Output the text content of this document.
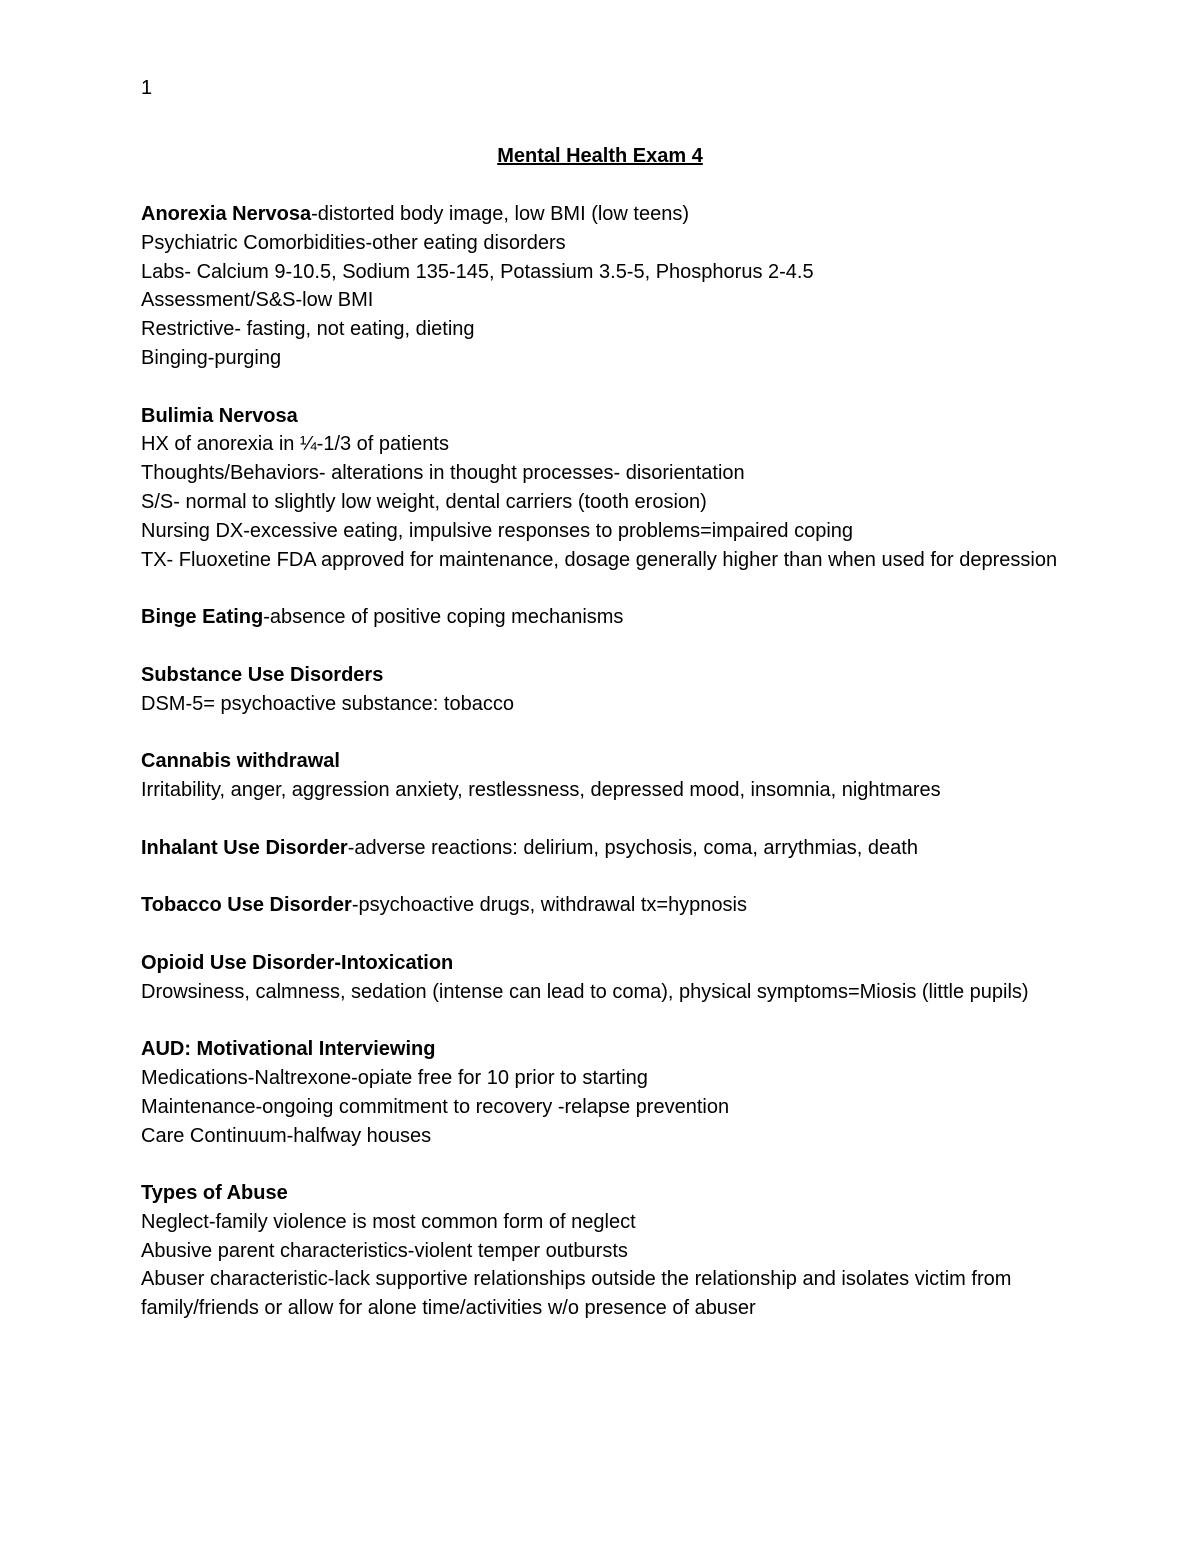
1
Mental Health Exam 4
Anorexia Nervosa-distorted body image, low BMI (low teens)
Psychiatric Comorbidities-other eating disorders
Labs- Calcium 9-10.5, Sodium 135-145, Potassium 3.5-5, Phosphorus 2-4.5
Assessment/S&S-low BMI
Restrictive- fasting, not eating, dieting
Binging-purging
Bulimia Nervosa
HX of anorexia in ¼-1/3 of patients
Thoughts/Behaviors- alterations in thought processes- disorientation
S/S- normal to slightly low weight, dental carriers (tooth erosion)
Nursing DX-excessive eating, impulsive responses to problems=impaired coping
TX- Fluoxetine FDA approved for maintenance, dosage generally higher than when used for depression
Binge Eating-absence of positive coping mechanisms
Substance Use Disorders
DSM-5= psychoactive substance: tobacco
Cannabis withdrawal
Irritability, anger, aggression anxiety, restlessness, depressed mood, insomnia, nightmares
Inhalant Use Disorder-adverse reactions: delirium, psychosis, coma, arrythmias, death
Tobacco Use Disorder-psychoactive drugs, withdrawal tx=hypnosis
Opioid Use Disorder-Intoxication
Drowsiness, calmness, sedation (intense can lead to coma), physical symptoms=Miosis (little pupils)
AUD: Motivational Interviewing
Medications-Naltrexone-opiate free for 10 prior to starting
Maintenance-ongoing commitment to recovery -relapse prevention
Care Continuum-halfway houses
Types of Abuse
Neglect-family violence is most common form of neglect
Abusive parent characteristics-violent temper outbursts
Abuser characteristic-lack supportive relationships outside the relationship and isolates victim from family/friends or allow for alone time/activities w/o presence of abuser
